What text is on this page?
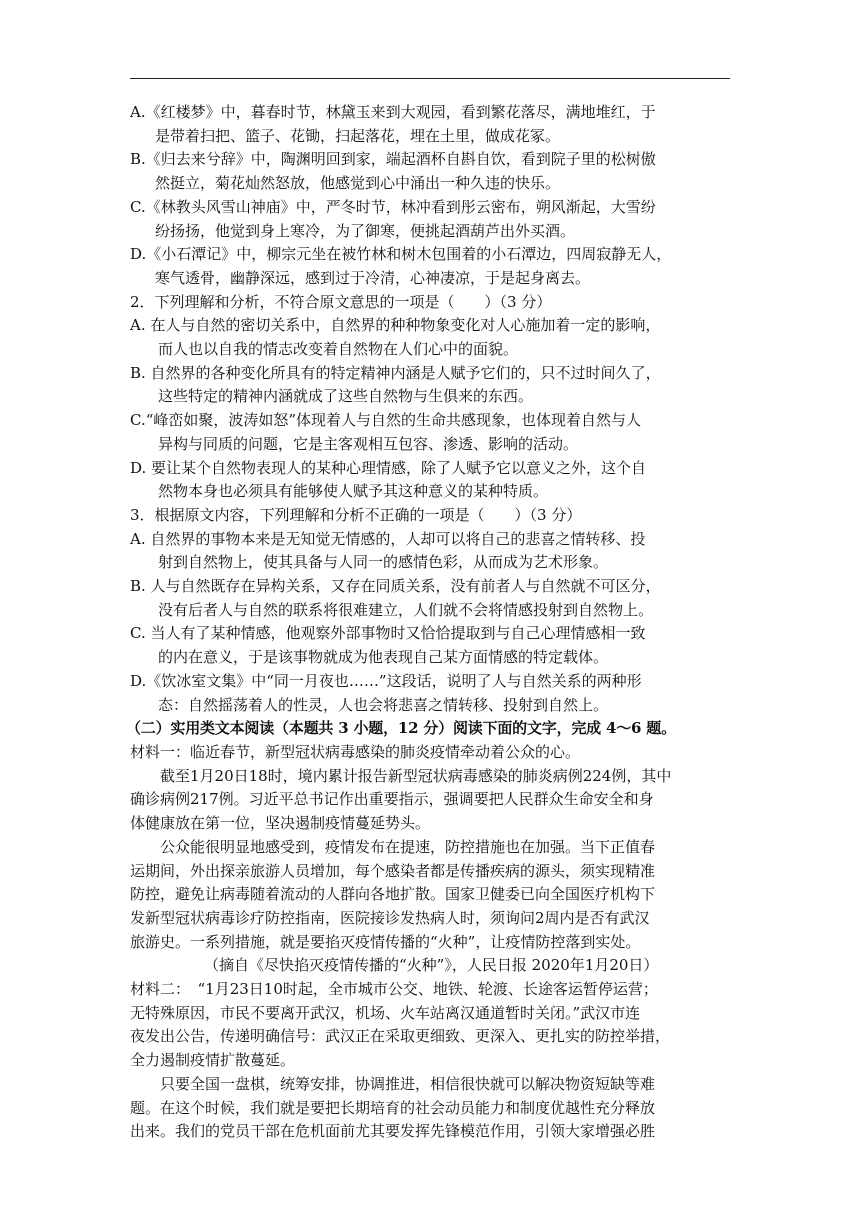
A.《红楼梦》中，暮春时节，林黛玉来到大观园，看到繁花落尽，满地堆红，于
是带着扫把、篮子、花锄，扫起落花，埋在土里，做成花冢。

B.《归去来兮辞》中，陶渊明回到家，端起酒杯自斟自饮，看到院子里的松树傲
然挺立，菊花灿然怒放，他感觉到心中涌出一种久违的快乐。

C.《林教头风雪山神庙》中，严冬时节，林冲看到彤云密布，朔风渐起，大雪纷
纷扬扬，他觉到身上寒冷，为了御寒，便挑起酒葫芦出外买酒。

D.《小石潭记》中，柳宗元坐在被竹林和树木包围着的小石潭边，四周寂静无人，
寒气透骨，幽静深远，感到过于冷清，心神凄凉，于是起身离去。

2．下列理解和分析，不符合原文意思的一项是（　　）（3 分）

A. 在人与自然的密切关系中，自然界的种种物象变化对人心施加着一定的影响，
而人也以自我的情志改变着自然物在人们心中的面貌。

B. 自然界的各种变化所具有的特定精神内涵是人赋予它们的，只不过时间久了，
这些特定的精神内涵就成了这些自然物与生俱来的东西。

C.“峰峦如聚，波涛如怒”体现着人与自然的生命共感现象，也体现着自然与人
异构与同质的问题，它是主客观相互包容、渗透、影响的活动。

D. 要让某个自然物表现人的某种心理情感，除了人赋予它以意义之外，这个自
然物本身也必须具有能够使人赋予其这种意义的某种特质。

3．根据原文内容，下列理解和分析不正确的一项是（　　）（3 分）

A. 自然界的事物本来是无知觉无情感的，人却可以将自己的悲喜之情转移、投
射到自然物上，使其具备与人同一的感情色彩，从而成为艺术形象。

B. 人与自然既存在异构关系，又存在同质关系，没有前者人与自然就不可区分，
没有后者人与自然的联系将很难建立，人们就不会将情感投射到自然物上。

C. 当人有了某种情感，他观察外部事物时又恰恰提取到与自己心理情感相一致
的内在意义，于是该事物就成为他表现自己某方面情感的特定载体。

D.《饮冰室文集》中“同一月夜也……”这段话，说明了人与自然关系的两种形
态：自然摇荡着人的性灵，人也会将悲喜之情转移、投射到自然上。

（二）实用类文本阅读（本题共 3 小题，12 分）阅读下面的文字，完成 4～6 题。

材料一：临近春节，新型冠状病毒感染的肺炎疫情牵动着公众的心。

截至1月20日18时，境内累计报告新型冠状病毒感染的肺炎病例224例，其中

确诊病例217例。习近平总书记作出重要指示，强调要把人民群众生命安全和身

体健康放在第一位，坚决遏制疫情蔓延势头。

公众能很明显地感受到，疫情发布在提速，防控措施也在加强。当下正值春

运期间，外出探亲旅游人员增加，每个感染者都是传播疾病的源头，须实现精准

防控，避免让病毒随着流动的人群向各地扩散。国家卫健委已向全国医疗机构下

发新型冠状病毒诊疗防控指南，医院接诊发热病人时，须询问2周内是否有武汉

旅游史。一系列措施，就是要掐灭疫情传播的“火种”，让疫情防控落到实处。

（摘自《尽快掐灭疫情传播的“火种”》，人民日报 2020年1月20日）

材料二：　“1月23日10时起，全市城市公交、地铁、轮渡、长途客运暂停运营；

无特殊原因，市民不要离开武汉，机场、火车站离汉通道暂时关闭。”武汉市连

夜发出公告，传递明确信号：武汉正在采取更细致、更深入、更扎实的防控举措，

全力遏制疫情扩散蔓延。

只要全国一盘棋，统筹安排，协调推进，相信很快就可以解决物资短缺等难

题。在这个时候，我们就是要把长期培育的社会动员能力和制度优越性充分释放

出来。我们的党员干部在危机面前尤其要发挥先锋模范作用，引领大家增强必胜
